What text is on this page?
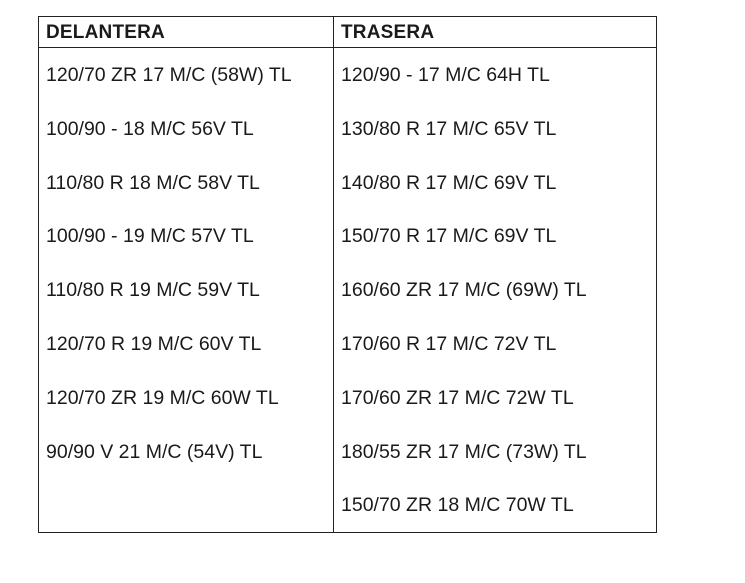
DELANTERA	TRASERA
120/70 ZR 17 M/C (58W) TL
100/90 - 18 M/C 56V TL
110/80 R 18 M/C 58V TL
100/90 - 19 M/C 57V TL
110/80 R 19 M/C 59V TL
120/70 R 19 M/C 60V TL
120/70 ZR 19 M/C 60W TL
90/90 V 21 M/C (54V) TL
120/90 - 17 M/C 64H TL
130/80 R 17 M/C 65V TL
140/80 R 17 M/C 69V TL
150/70 R 17 M/C 69V TL
160/60 ZR 17 M/C (69W) TL
170/60 R 17 M/C 72V TL
170/60 ZR 17 M/C 72W TL
180/55 ZR 17 M/C (73W) TL
150/70 ZR 18 M/C 70W TL
